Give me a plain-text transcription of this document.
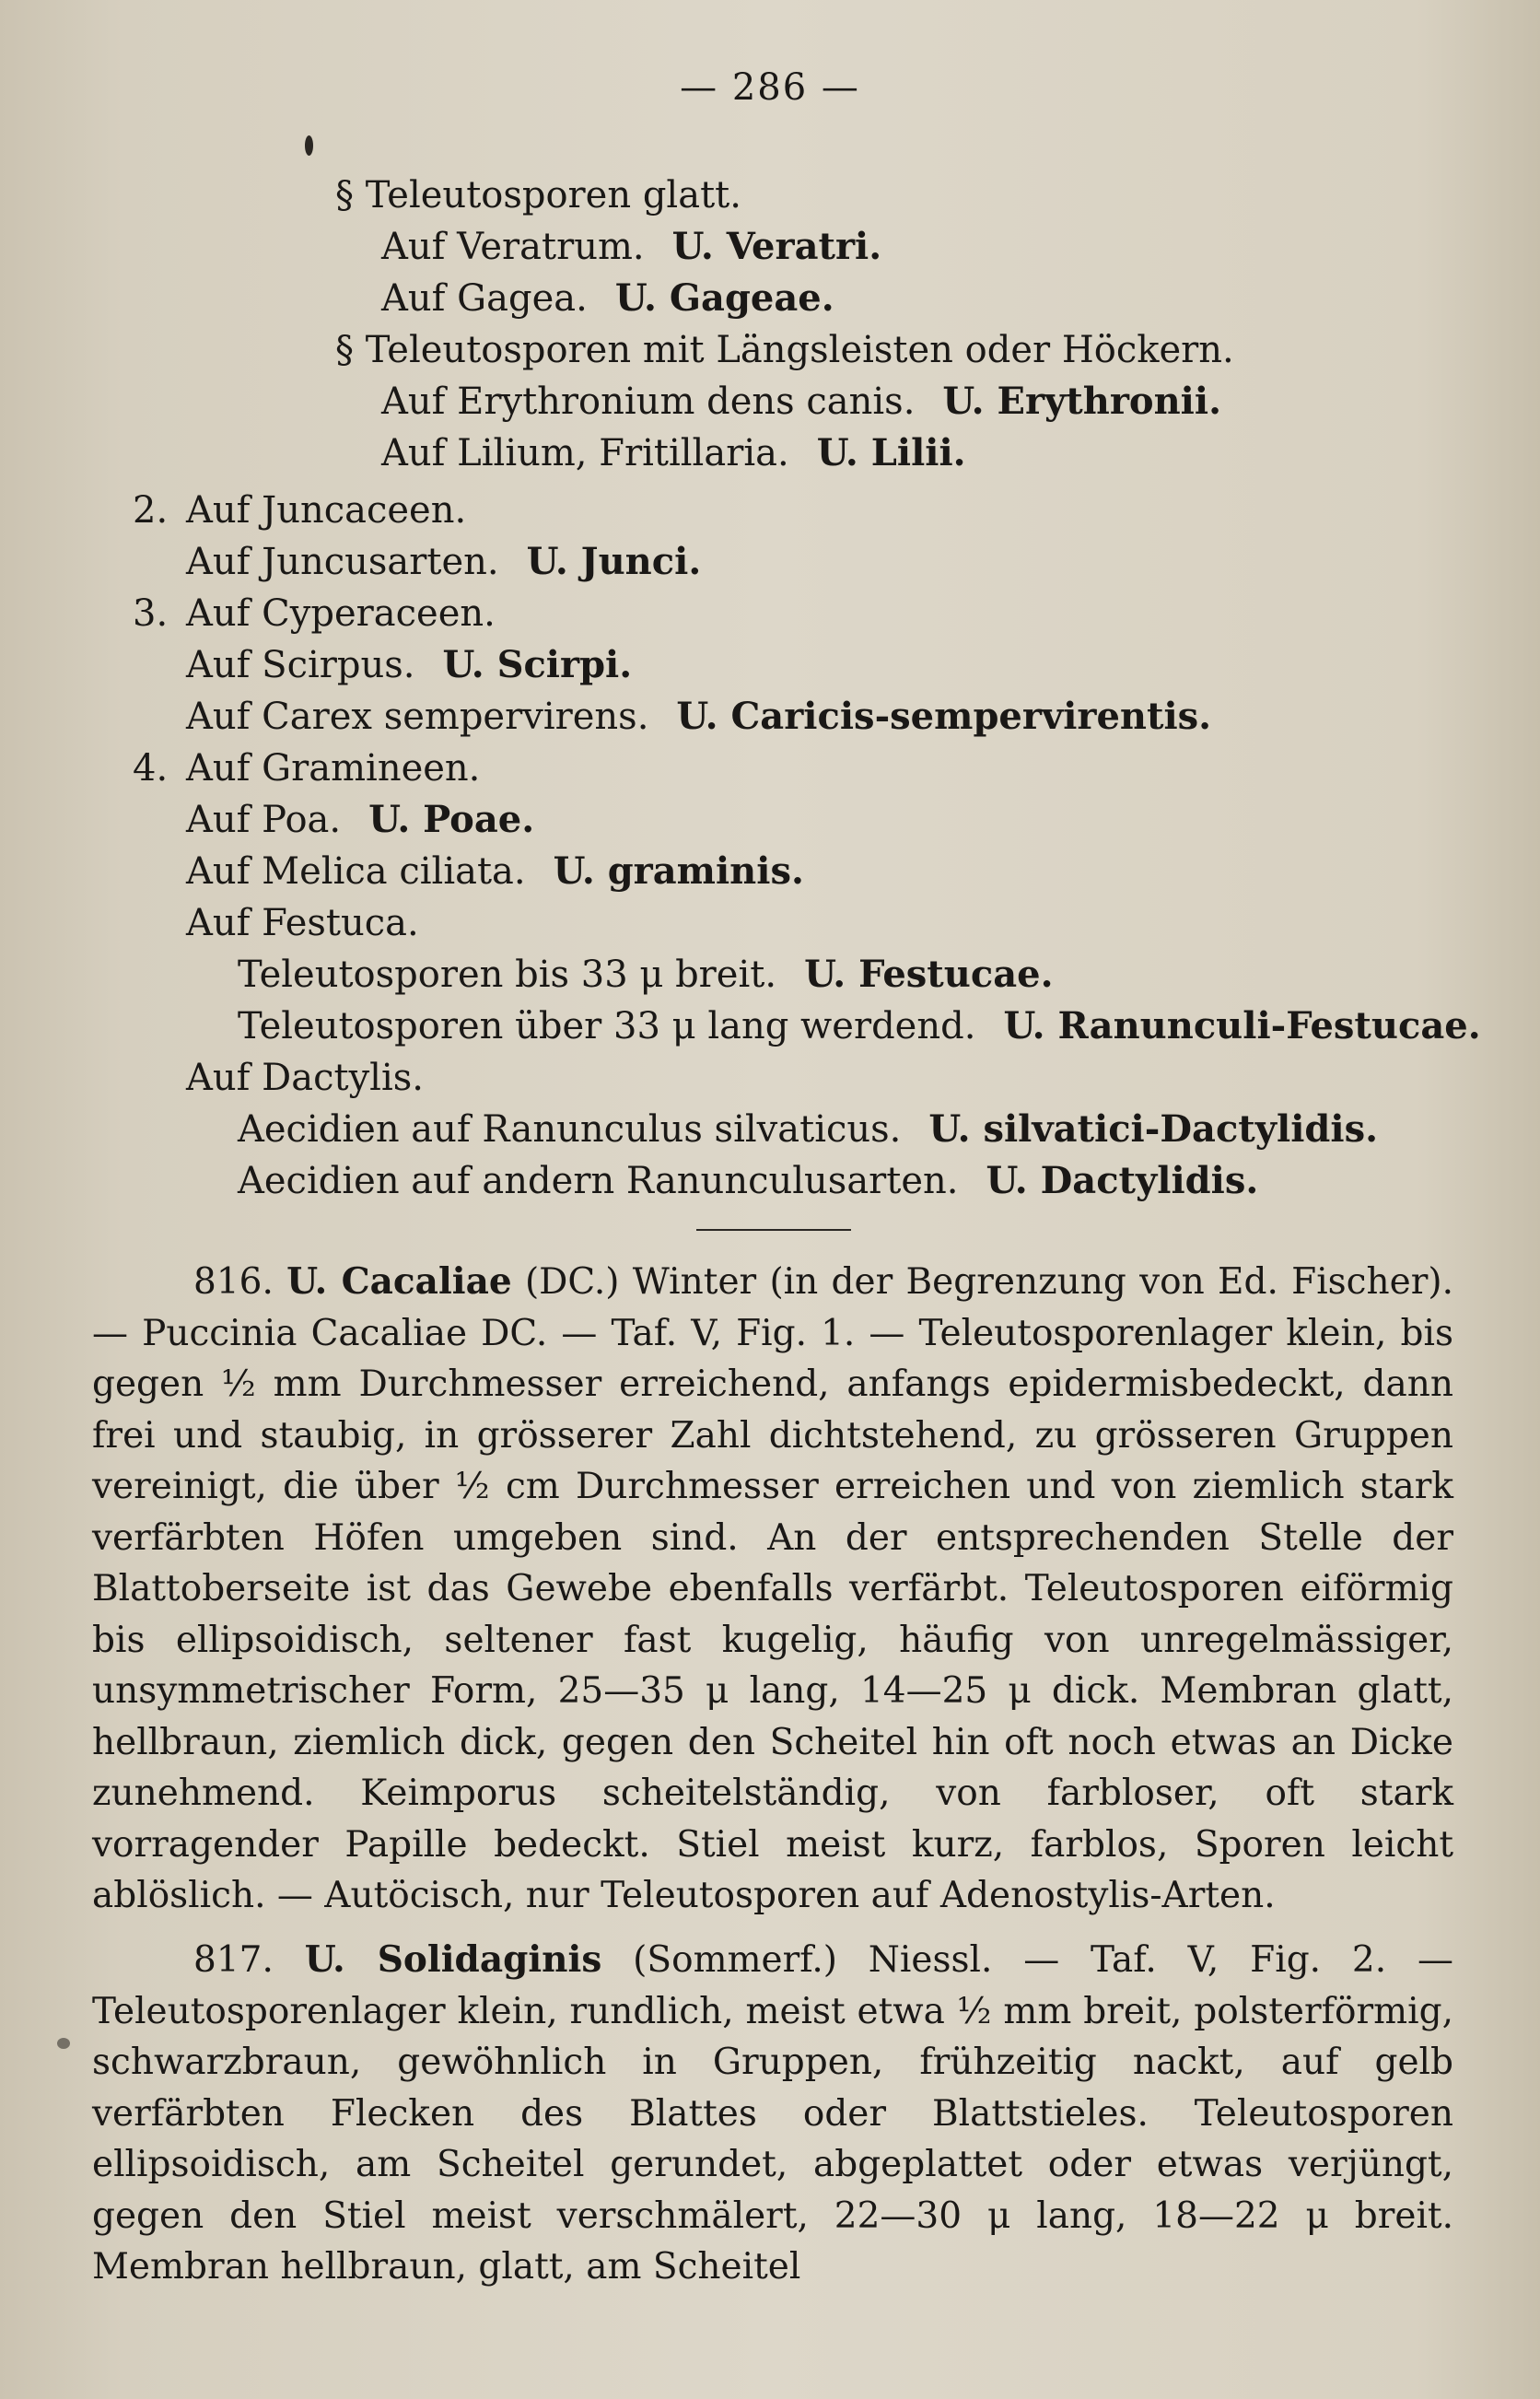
— 286 —
§ Teleutosporen glatt.
Auf Veratrum. U. Veratri.
Auf Gagea. U. Gageae.
§ Teleutosporen mit Längsleisten oder Höckern.
Auf Erythronium dens canis. U. Erythronii.
Auf Lilium, Fritillaria. U. Lilii.
2. Auf Juncaceen.
Auf Juncusarten. U. Junci.
3. Auf Cyperaceen.
Auf Scirpus. U. Scirpi.
Auf Carex sempervirens. U. Caricis-sempervirentis.
4. Auf Gramineen.
Auf Poa. U. Poae.
Auf Melica ciliata. U. graminis.
Auf Festuca.
Teleutosporen bis 33 μ breit. U. Festucae.
Teleutosporen über 33 μ lang werdend. U. Ranunculi-Festucae.
Auf Dactylis.
Aecidien auf Ranunculus silvaticus. U. silvatici-Dactylidis.
Aecidien auf andern Ranunculusarten. U. Dactylidis.
816. U. Cacaliae (DC.) Winter (in der Begrenzung von Ed. Fischer). — Puccinia Cacaliae DC. — Taf. V, Fig. 1. — Teleutosporenlager klein, bis gegen ½ mm Durchmesser erreichend, anfangs epidermisbedeckt, dann frei und staubig, in grösserer Zahl dichtstehend, zu grösseren Gruppen vereinigt, die über ½ cm Durchmesser erreichen und von ziemlich stark verfärbten Höfen umgeben sind. An der entsprechenden Stelle der Blattoberseite ist das Gewebe ebenfalls verfärbt. Teleutosporen eiförmig bis ellipsoidisch, seltener fast kugelig, häufig von unregelmässiger, unsymmetrischer Form, 25—35 μ lang, 14—25 μ dick. Membran glatt, hellbraun, ziemlich dick, gegen den Scheitel hin oft noch etwas an Dicke zunehmend. Keimporus scheitelständig, von farbloser, oft stark vorragender Papille bedeckt. Stiel meist kurz, farblos, Sporen leicht ablöslich. — Autöcisch, nur Teleutosporen auf Adenostylis-Arten.
817. U. Solidaginis (Sommerf.) Niessl. — Taf. V, Fig. 2. — Teleutosporenlager klein, rundlich, meist etwa ½ mm breit, polsterförmig, schwarzbraun, gewöhnlich in Gruppen, frühzeitig nackt, auf gelb verfärbten Flecken des Blattes oder Blattstieles. Teleutosporen ellipsoidisch, am Scheitel gerundet, abgeplattet oder etwas verjüngt, gegen den Stiel meist verschmälert, 22—30 μ lang, 18—22 μ breit. Membran hellbraun, glatt, am Scheitel
